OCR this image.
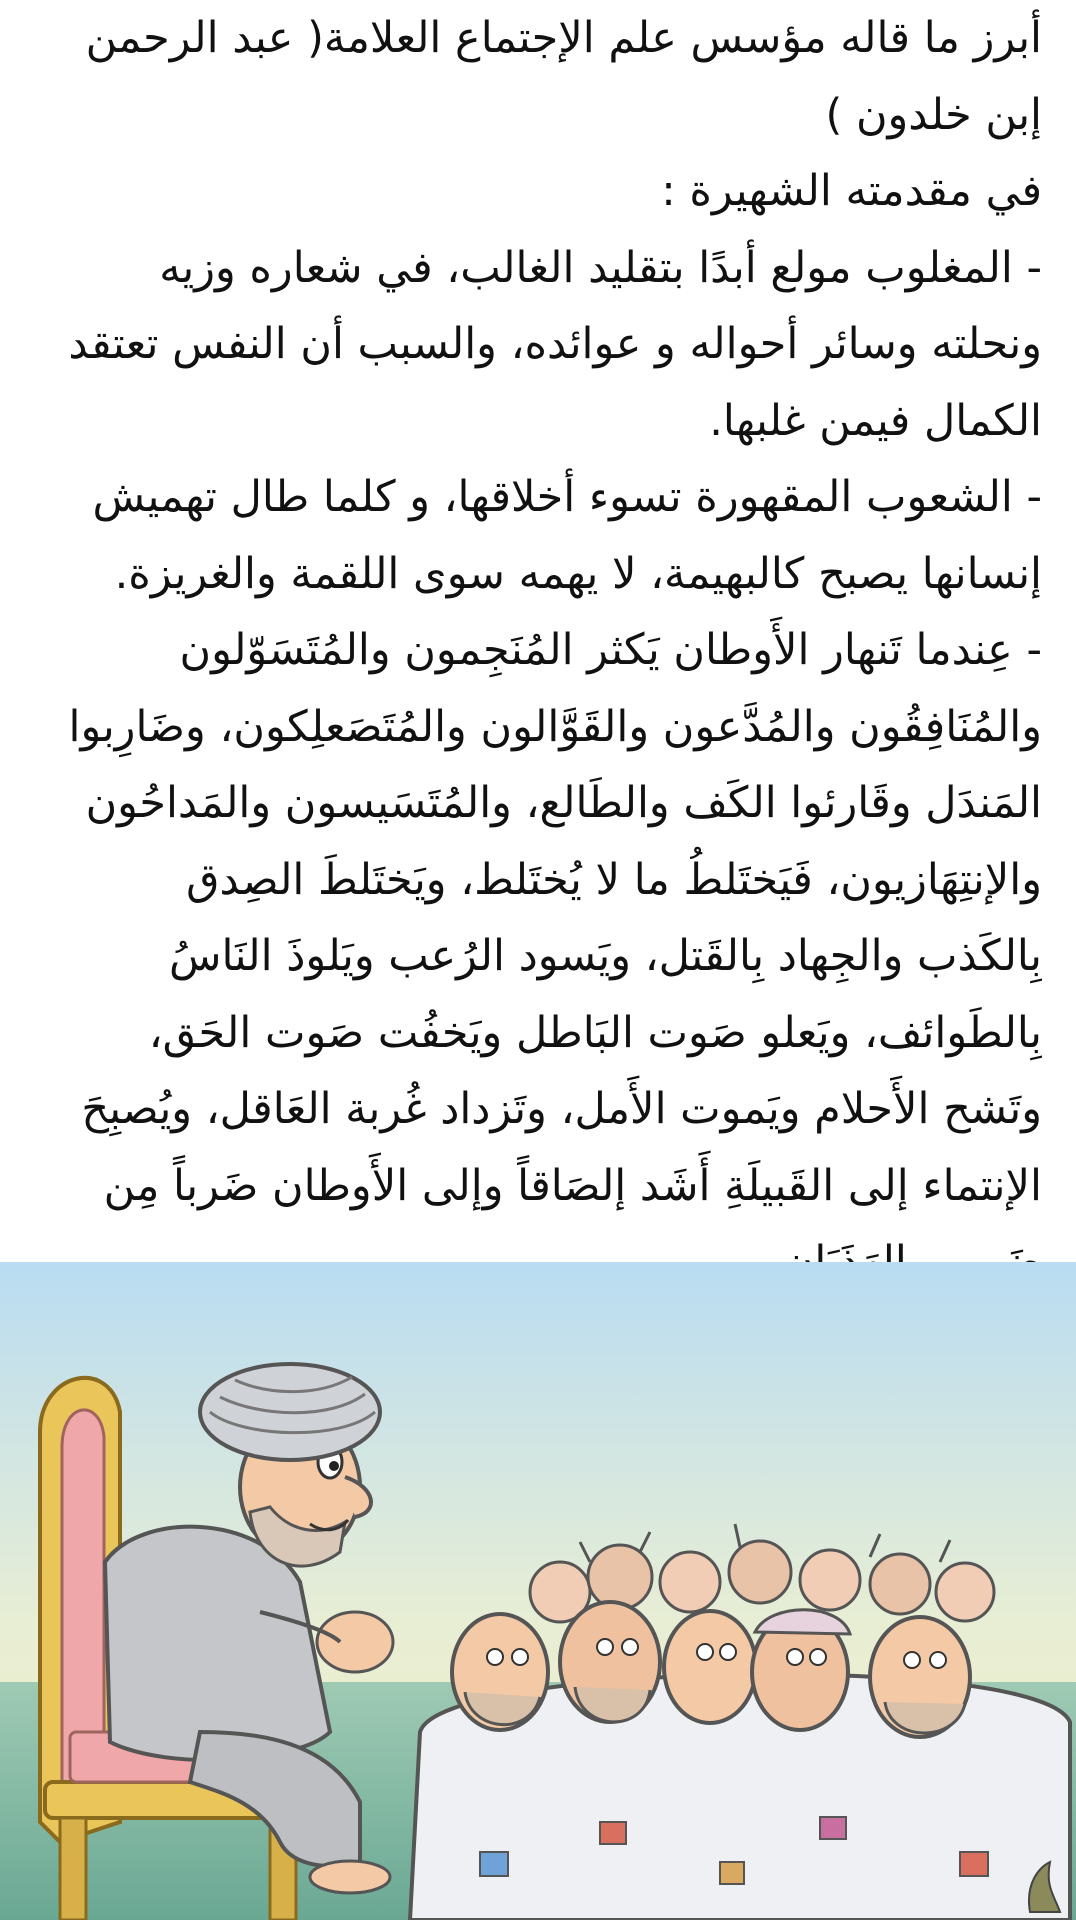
أبرز ما قاله مؤسس علم الإجتماع العلامة( عبد الرحمن
إبن خلدون )
في مقدمته الشهيرة :
- المغلوب مولع أبدًا بتقليد الغالب، في شعاره وزيه
ونحلته وسائر أحواله و عوائده، والسبب أن النفس تعتقد
الكمال فيمن غلبها.
- الشعوب المقهورة تسوء أخلاقها، و كلما طال تهميش
إنسانها يصبح كالبهيمة، لا يهمه سوى اللقمة والغريزة.
- عِندما تَنهار الأَوطان يَكثر المُنَجِمون والمُتَسَوّلون
والمُنَافِقُون والمُدَّعون والقَوَّالون والمُتَصَعلِكون، وضَارِبوا
المَندَل وقَارئوا الكَف والطَالع، والمُتَسَيسون والمَداحُون
والإنتِهَازيون، فَيَختَلطُ ما لا يُختَلط، ويَختَلطَ الصِدق
بِالكَذب والجِهاد بِالقَتل، ويَسود الرُعب ويَلوذَ النَاسُ
بِالطَوائف، ويَعلو صَوت البَاطل ويَخفُت صَوت الحَق،
وتَشح الأَحلام ويَموت الأَمل، وتَزداد غُربة العَاقل، ويُصبِحَ
الإنتماء إلى القَبيلَةِ أَشَد إلصَاقاً وإلى الأَوطان ضَرباً مِن
